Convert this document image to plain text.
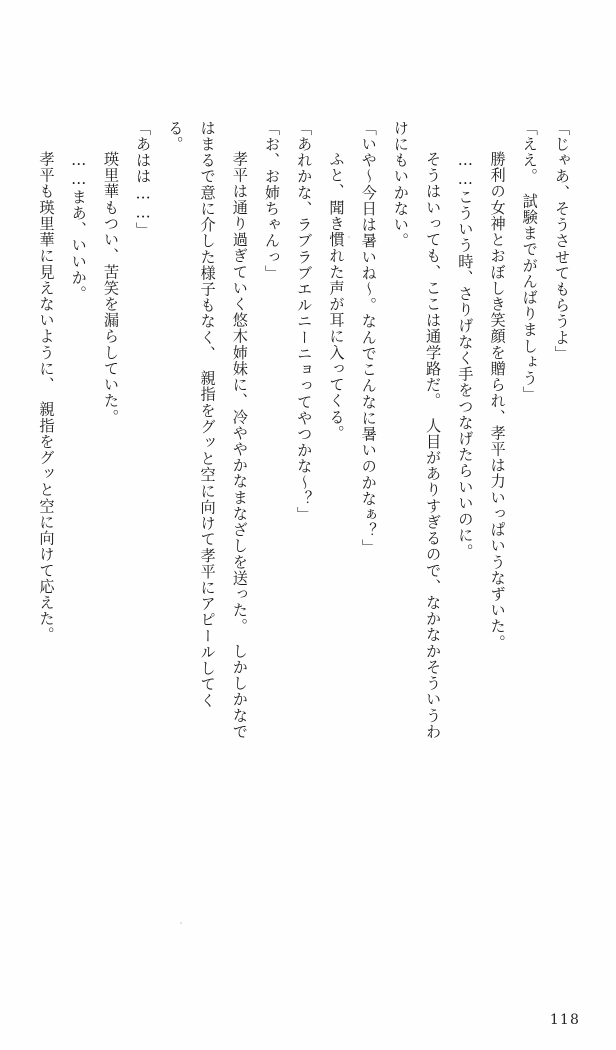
「じゃあ、そうさせてもらうよ」

「ええ。　試験までがんばりましょう」

　勝利の女神とおぼしき笑顔を贈られ、孝平は力いっぱいうなずいた。

　……こういう時、さりげなく手をつなげたらいいのに。

　そうはいっても、ここは通学路だ。　人目がありすぎるので、なかなかそういうわけにもいかない。

「いや～今日は暑いね～。なんでこんなに暑いのかなぁ？」

　ふと、聞き慣れた声が耳に入ってくる。

「あれかな、ラブラブエルニーニョってやつかな～？」

「お、お姉ちゃんっ」

　孝平は通り過ぎていく悠木姉妹に、冷ややかなまなざしを送った。　しかしかなではまるで意に介した様子もなく、　親指をグッと空に向けて孝平にアピールしてくる。

「あはは……」

　瑛里華もつい、苦笑を漏らしていた。

　……まあ、いいか。

　孝平も瑛里華に見えないように、　親指をグッと空に向けて応えた。

118
